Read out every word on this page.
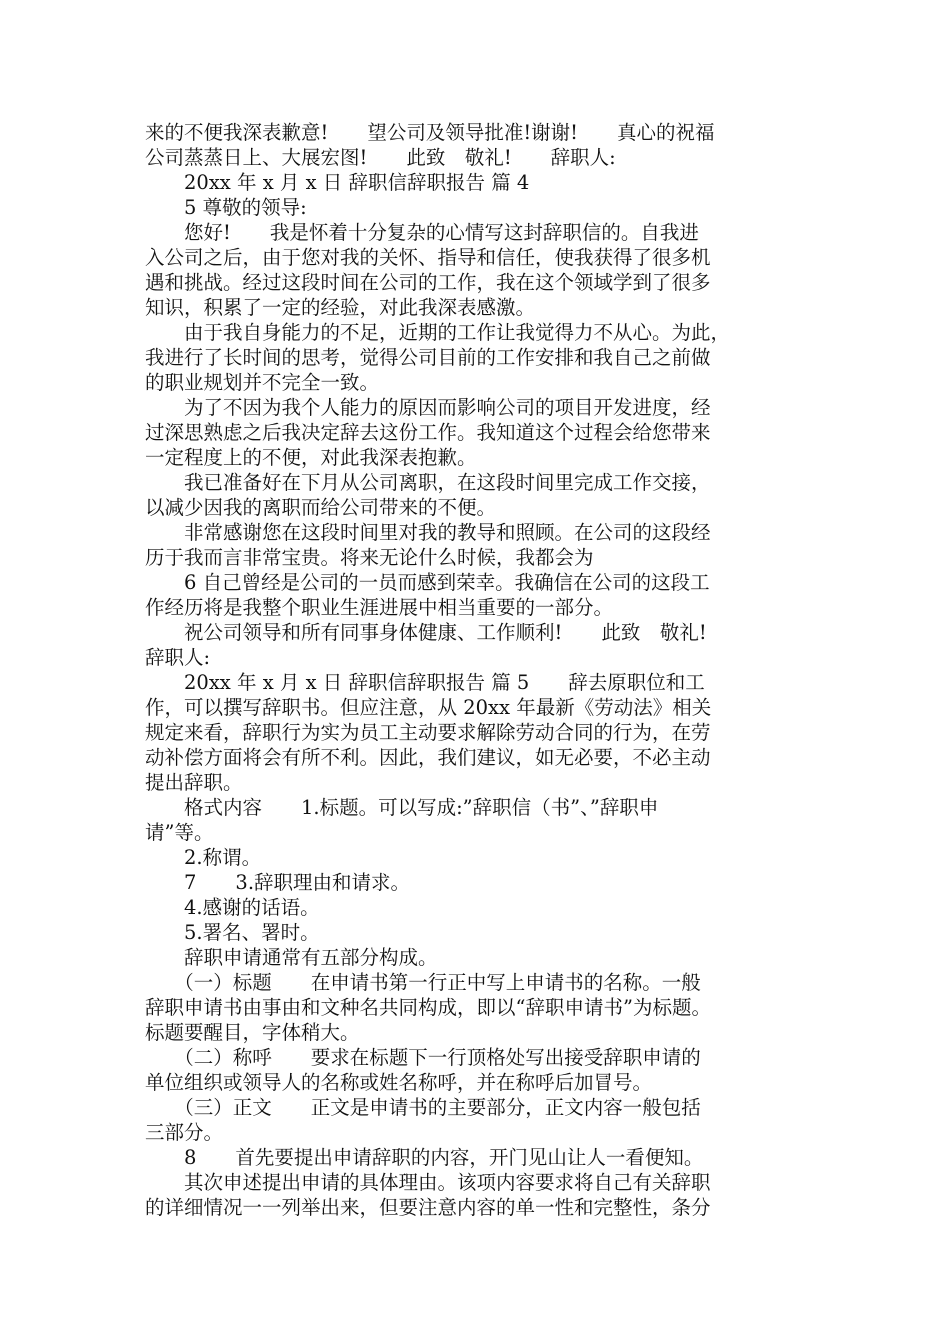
来的不便我深表歉意!　　望公司及领导批准!谢谢!　　真心的祝福
公司蒸蒸日上、大展宏图!　　此致　敬礼!　　辞职人:
　　20xx 年 x 月 x 日 辞职信辞职报告 篇 4
　　5 尊敬的领导:
　　您好!　　我是怀着十分复杂的心情写这封辞职信的。自我进
入公司之后，由于您对我的关怀、指导和信任，使我获得了很多机
遇和挑战。经过这段时间在公司的工作，我在这个领域学到了很多
知识，积累了一定的经验，对此我深表感激。
　　由于我自身能力的不足，近期的工作让我觉得力不从心。为此，
我进行了长时间的思考，觉得公司目前的工作安排和我自己之前做
的职业规划并不完全一致。
　　为了不因为我个人能力的原因而影响公司的项目开发进度，经
过深思熟虑之后我决定辞去这份工作。我知道这个过程会给您带来
一定程度上的不便，对此我深表抱歉。
　　我已准备好在下月从公司离职，在这段时间里完成工作交接，
以减少因我的离职而给公司带来的不便。
　　非常感谢您在这段时间里对我的教导和照顾。在公司的这段经
历于我而言非常宝贵。将来无论什么时候，我都会为
　　6 自己曾经是公司的一员而感到荣幸。我确信在公司的这段工
作经历将是我整个职业生涯进展中相当重要的一部分。
　　祝公司领导和所有同事身体健康、工作顺利!　　此致　敬礼!
辞职人:
　　20xx 年 x 月 x 日 辞职信辞职报告 篇 5　　辞去原职位和工
作，可以撰写辞职书。但应注意，从 20xx 年最新《劳动法》相关
规定来看，辞职行为实为员工主动要求解除劳动合同的行为，在劳
动补偿方面将会有所不利。因此，我们建议，如无必要，不必主动
提出辞职。
　　格式内容　　1.标题。可以写成:”辞职信（书”、”辞职申
请”等。
　　2.称谓。
　　7　　3.辞职理由和请求。
　　4.感谢的话语。
　　5.署名、署时。
　　辞职申请通常有五部分构成。
　　（一）标题　　在申请书第一行正中写上申请书的名称。一般
辞职申请书由事由和文种名共同构成，即以“辞职申请书”为标题。
标题要醒目，字体稍大。
　　（二）称呼　　要求在标题下一行顶格处写出接受辞职申请的
单位组织或领导人的名称或姓名称呼，并在称呼后加冒号。
　　（三）正文　　正文是申请书的主要部分，正文内容一般包括
三部分。
　　8　　首先要提出申请辞职的内容，开门见山让人一看便知。
　　其次申述提出申请的具体理由。该项内容要求将自己有关辞职
的详细情况一一列举出来，但要注意内容的单一性和完整性，条分
